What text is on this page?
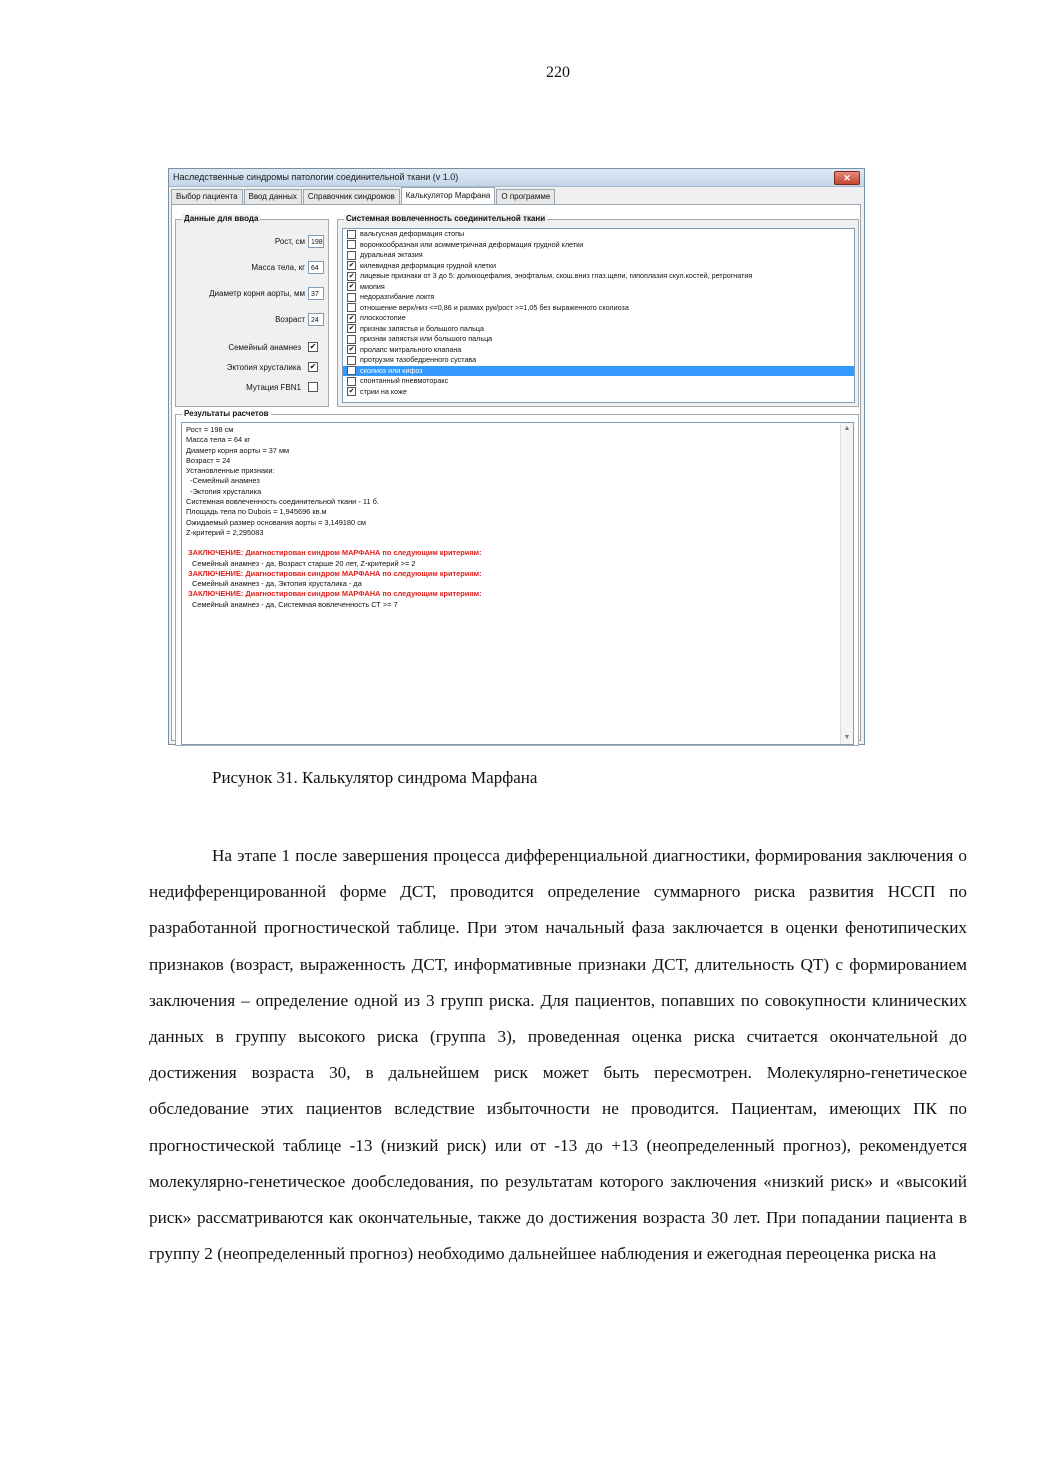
220
Наследственные синдромы патологии соединительной ткани (v 1.0)	✕
Выбор пациента	Ввод данных	Справочник синдромов	Калькулятор Марфана	О программе
Данные для ввода
Рост, см 198
Масса тела, кг 64
Диаметр корня аорты, мм 37
Возраст 24
Семейный анамнез ✔
Эктопия хрусталика ✔
Мутация FBN1
Системная вовлеченность соединительной ткани
вальгусная деформация стопы
воронкообразная или асимметричная деформация грудной клетки
дуральная эктазия
✔ килевидная деформация грудной клетки
✔ лицевые признаки от 3 до 5: долихоцефалия, энофтальм, скош.вниз глаз.щели, гипоплазия скул.костей, ретрогнатия
✔ миопия
недоразгибание локтя
отношение верх/низ <=0,86 и размах рук/рост >=1,05 без выраженного сколиоза
✔ плоскостопие
✔ признак запястья и большого пальца
признак запястья или большого пальца
✔ пролапс митрального клапана
протрузия тазобедренного сустава
✔ сколиоз или кифоз
спонтанный пневмоторакс
✔ стрии на коже
Результаты расчетов
Рост = 198 см
Масса тела = 64 кг
Диаметр корня аорты = 37 мм
Возраст = 24
Установленные признаки:
-Семейный анамнез
-Эктопия хрусталика
Системная вовлеченность соединительной ткани - 11 б.
Площадь тела по Dubois = 1,945696 кв.м
Ожидаемый размер основания аорты = 3,149180 см
Z-критерий = 2,295083
ЗАКЛЮЧЕНИЕ: Диагностирован синдром МАРФАНА по следующим критериям:
Семейный анамнез - да, Возраст старше 20 лет, Z-критерий >= 2
ЗАКЛЮЧЕНИЕ: Диагностирован синдром МАРФАНА по следующим критериям:
Семейный анамнез - да, Эктопия хрусталика - да
ЗАКЛЮЧЕНИЕ: Диагностирован синдром МАРФАНА по следующим критериям:
Семейный анамнез - да, Системная вовлеченность СТ >= 7
▲
▼
Рисунок 31. Калькулятор синдрома Марфана

На этапе 1 после завершения процесса дифференциальной диагностики, формирования заключения о недифференцированной форме ДСТ, проводится определение суммарного риска развития НССП по разработанной прогностической таблице. При этом начальный фаза заключается в оценки фенотипических признаков (возраст, выраженность ДСТ, информативные признаки ДСТ, длительность QT) с формированием заключения – определение одной из 3 групп риска. Для пациентов, попавших по совокупности клинических данных в группу высокого риска (группа 3), проведенная оценка риска считается окончательной до достижения возраста 30, в дальнейшем риск может быть пересмотрен. Молекулярно-генетическое обследование этих пациентов вследствие избыточности не проводится. Пациентам, имеющих ПК по прогностической таблице -13 (низкий риск) или от -13 до +13 (неопределенный прогноз), рекомендуется молекулярно-генетическое дообследования, по результатам которого заключения «низкий риск» и «высокий риск» рассматриваются как окончательные, также до достижения возраста 30 лет. При попадании пациента в группу 2 (неопределенный прогноз) необходимо дальнейшее наблюдения и ежегодная переоценка риска на
